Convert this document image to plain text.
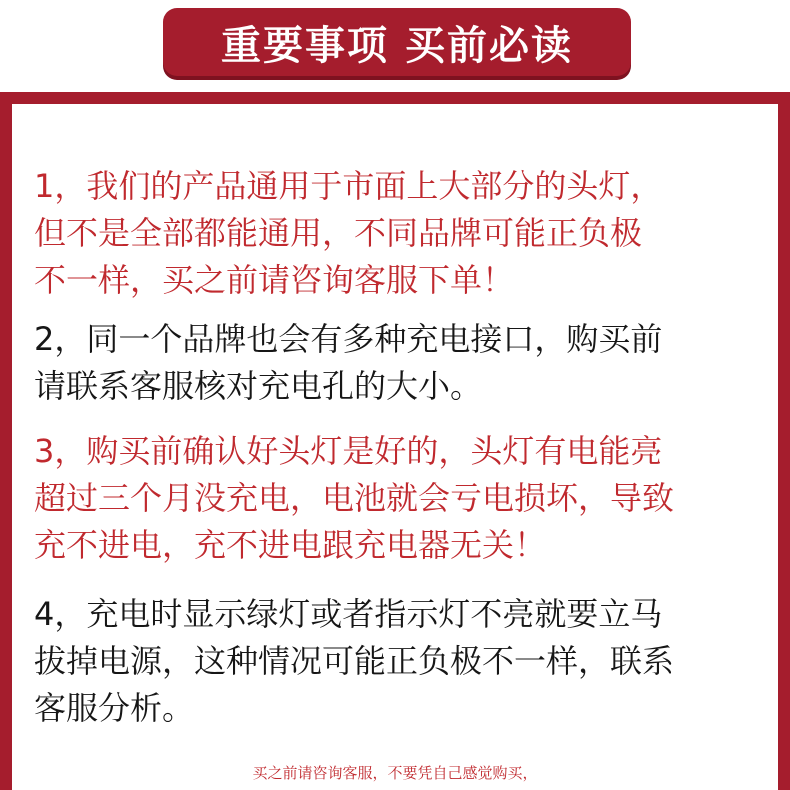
重要事项 买前必读

1，我们的产品通用于市面上大部分的头灯，
但不是全部都能通用，不同品牌可能正负极
不一样，买之前请咨询客服下单！

2，同一个品牌也会有多种充电接口，购买前
请联系客服核对充电孔的大小。

3，购买前确认好头灯是好的，头灯有电能亮
超过三个月没充电，电池就会亏电损坏，导致
充不进电，充不进电跟充电器无关！

4，充电时显示绿灯或者指示灯不亮就要立马
拔掉电源，这种情况可能正负极不一样，联系
客服分析。

买之前请咨询客服，不要凭自己感觉购买，
